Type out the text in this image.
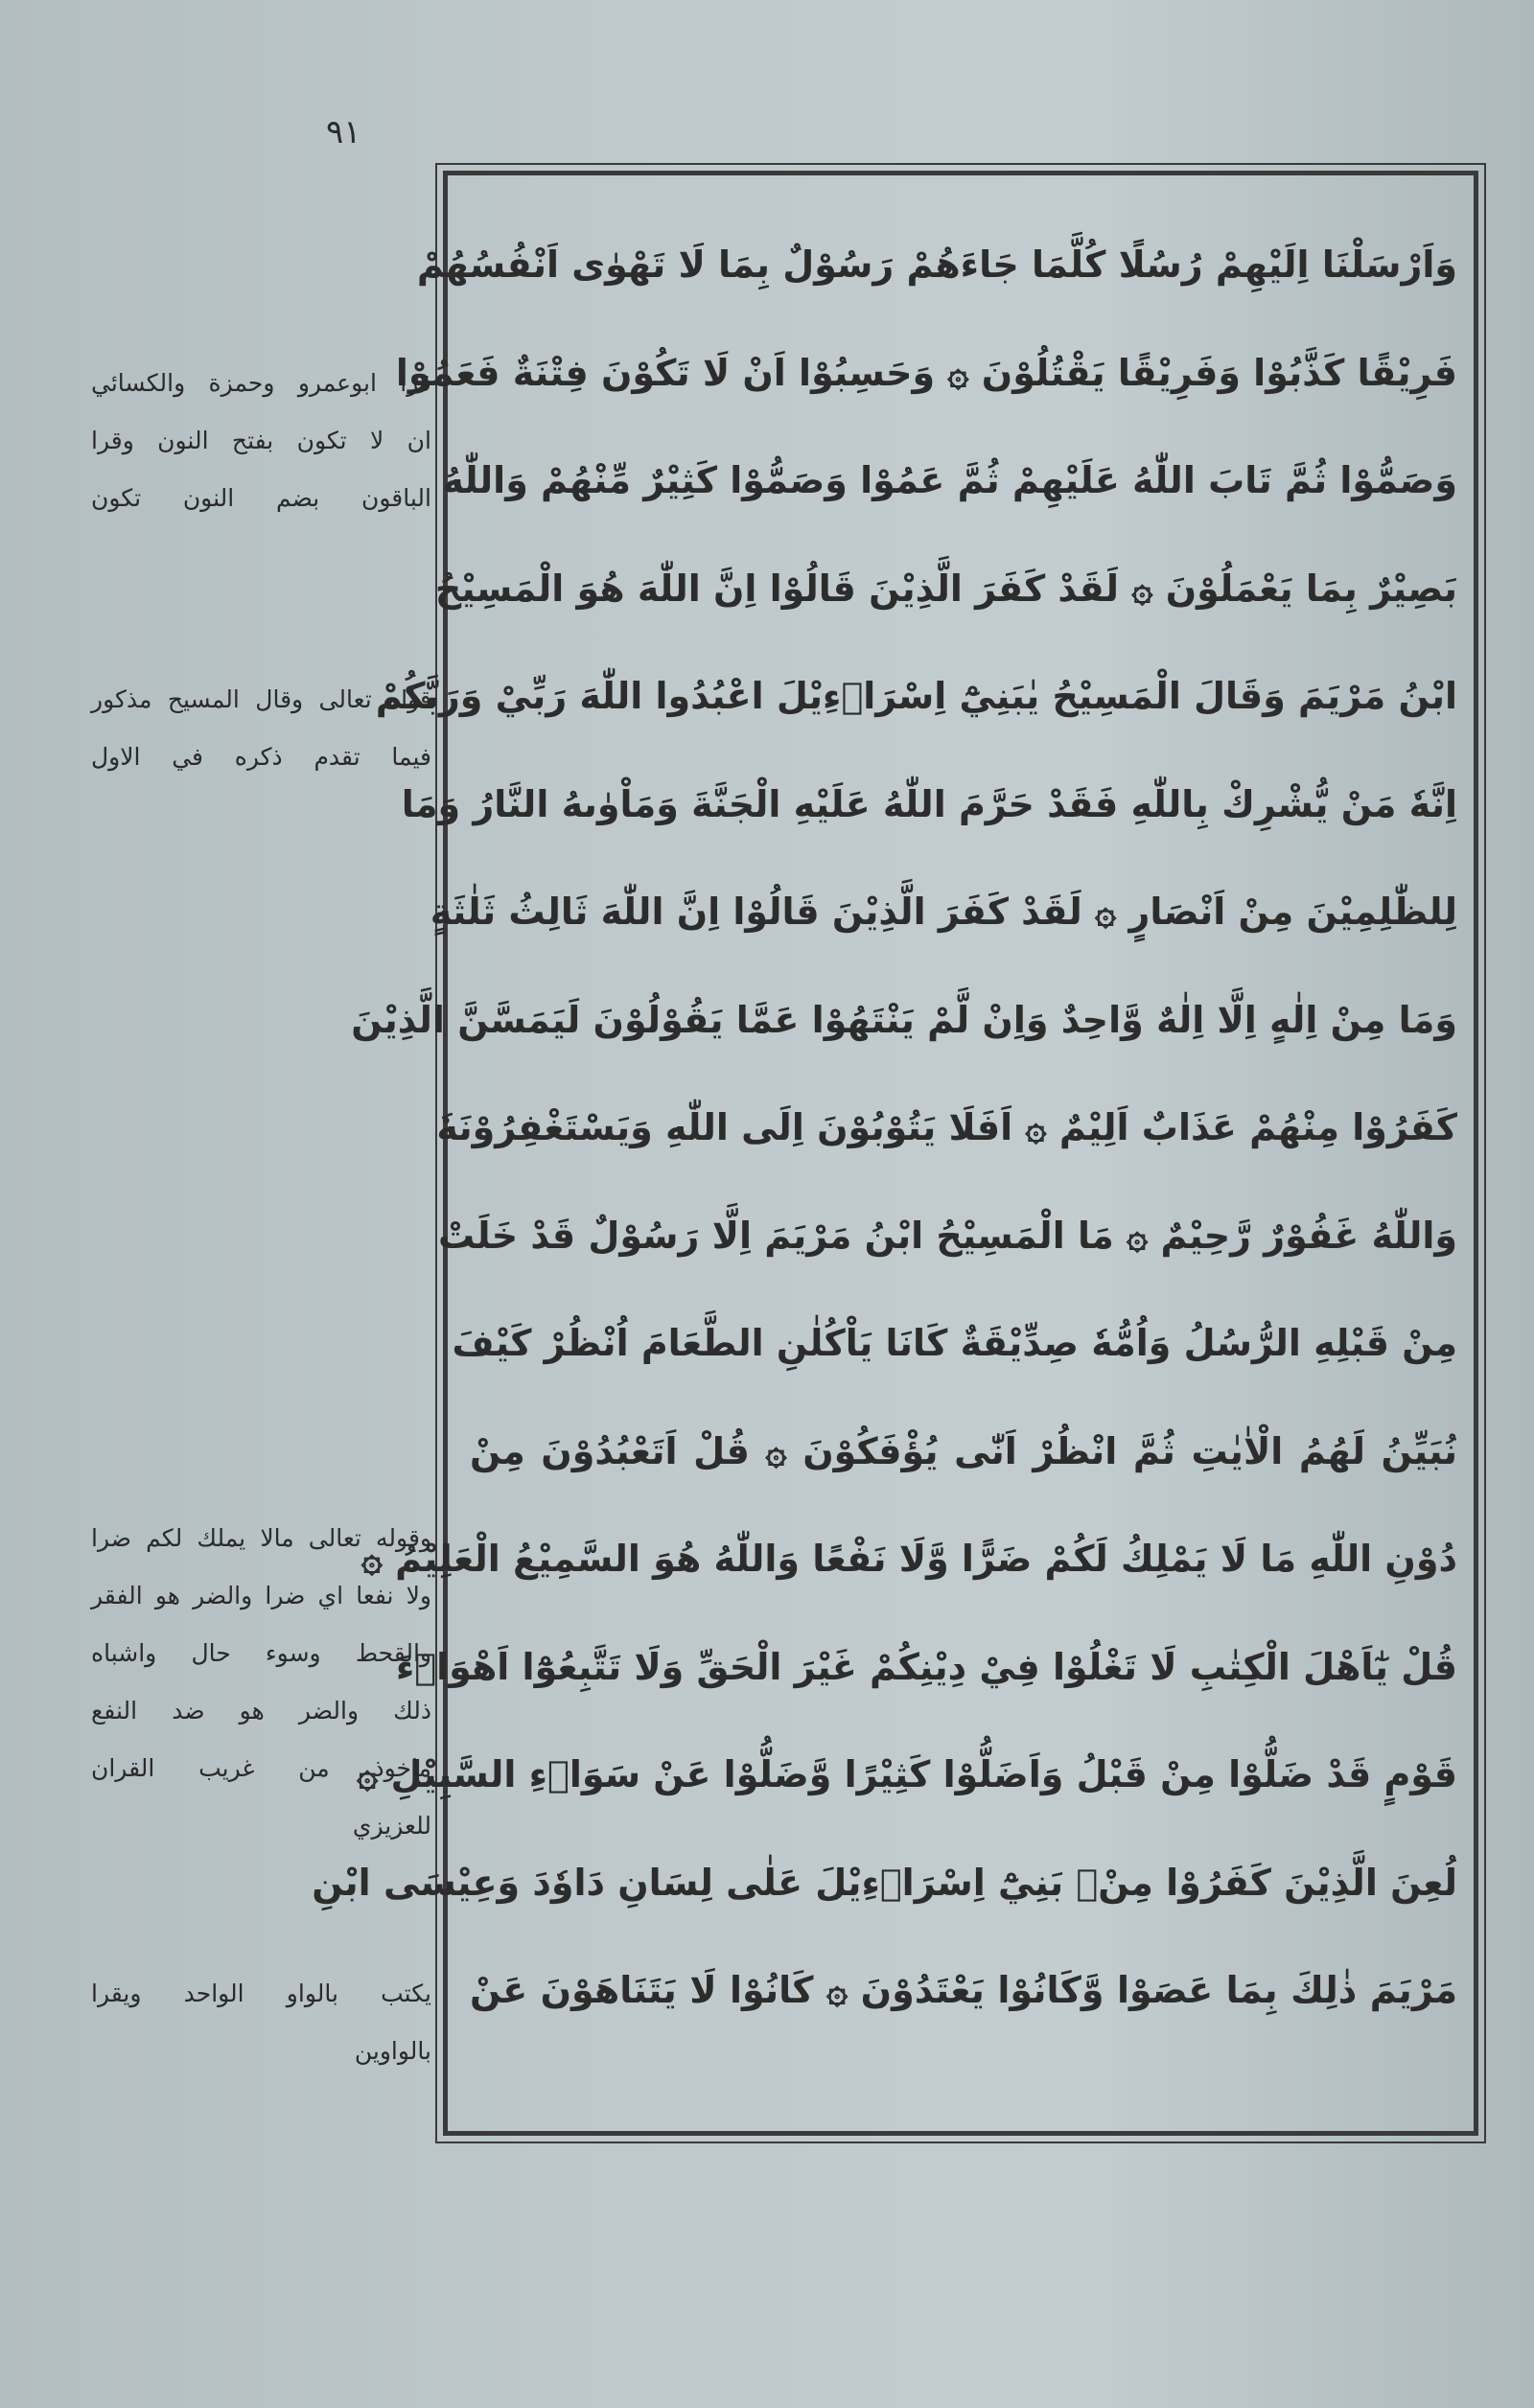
٩١
وَاَرْسَلْنَا اِلَيْهِمْ رُسُلًا كُلَّمَا جَاءَهُمْ رَسُوْلٌ بِمَا لَا تَهْوٰى اَنْفُسُهُمْ
فَرِيْقًا كَذَّبُوْا وَفَرِيْقًا يَقْتُلُوْنَ ۞ وَحَسِبُوْا اَنْ لَا تَكُوْنَ فِتْنَةٌ فَعَمُوْا
وَصَمُّوْا ثُمَّ تَابَ اللّٰهُ عَلَيْهِمْ ثُمَّ عَمُوْا وَصَمُّوْا كَثِيْرٌ مِّنْهُمْ وَاللّٰهُ
بَصِيْرٌ بِمَا يَعْمَلُوْنَ ۞ لَقَدْ كَفَرَ الَّذِيْنَ قَالُوْا اِنَّ اللّٰهَ هُوَ الْمَسِيْحُ
ابْنُ مَرْيَمَ وَقَالَ الْمَسِيْحُ يٰبَنِيْٓ اِسْرَاۤءِيْلَ اعْبُدُوا اللّٰهَ رَبِّيْ وَرَبَّكُمْ
اِنَّهٗ مَنْ يُّشْرِكْ بِاللّٰهِ فَقَدْ حَرَّمَ اللّٰهُ عَلَيْهِ الْجَنَّةَ وَمَاْوٰىهُ النَّارُ وَمَا
لِلظّٰلِمِيْنَ مِنْ اَنْصَارٍ ۞ لَقَدْ كَفَرَ الَّذِيْنَ قَالُوْا اِنَّ اللّٰهَ ثَالِثُ ثَلٰثَةٍ
وَمَا مِنْ اِلٰهٍ اِلَّا اِلٰهٌ وَّاحِدٌ وَاِنْ لَّمْ يَنْتَهُوْا عَمَّا يَقُوْلُوْنَ لَيَمَسَّنَّ الَّذِيْنَ
كَفَرُوْا مِنْهُمْ عَذَابٌ اَلِيْمٌ ۞ اَفَلَا يَتُوْبُوْنَ اِلَى اللّٰهِ وَيَسْتَغْفِرُوْنَهٗ
وَاللّٰهُ غَفُوْرٌ رَّحِيْمٌ ۞ مَا الْمَسِيْحُ ابْنُ مَرْيَمَ اِلَّا رَسُوْلٌ قَدْ خَلَتْ
مِنْ قَبْلِهِ الرُّسُلُ وَاُمُّهٗ صِدِّيْقَةٌ كَانَا يَاْكُلٰنِ الطَّعَامَ اُنْظُرْ كَيْفَ
نُبَيِّنُ لَهُمُ الْاٰيٰتِ ثُمَّ انْظُرْ اَنّٰى يُؤْفَكُوْنَ ۞ قُلْ اَتَعْبُدُوْنَ مِنْ
دُوْنِ اللّٰهِ مَا لَا يَمْلِكُ لَكُمْ ضَرًّا وَّلَا نَفْعًا وَاللّٰهُ هُوَ السَّمِيْعُ الْعَلِيْمُ ۞
قُلْ يٰٓاَهْلَ الْكِتٰبِ لَا تَغْلُوْا فِيْ دِيْنِكُمْ غَيْرَ الْحَقِّ وَلَا تَتَّبِعُوْٓا اَهْوَاۤءَ
قَوْمٍ قَدْ ضَلُّوْا مِنْ قَبْلُ وَاَضَلُّوْا كَثِيْرًا وَّضَلُّوْا عَنْ سَوَاۤءِ السَّبِيْلِ ۞
لُعِنَ الَّذِيْنَ كَفَرُوْا مِنْۢ بَنِيْٓ اِسْرَاۤءِيْلَ عَلٰى لِسَانِ دَاوٗدَ وَعِيْسَى ابْنِ
مَرْيَمَ ذٰلِكَ بِمَا عَصَوْا وَّكَانُوْا يَعْتَدُوْنَ ۞ كَانُوْا لَا يَتَنَاهَوْنَ عَنْ
قرا ابوعمرو وحمزة والكسائي
ان لا تكون بفتح النون وقرا
الباقون بضم النون تكون
قوله تعالى وقال المسيح مذكور
فيما تقدم ذكره في الاول
وقوله تعالى مالا يملك لكم ضرا
ولا نفعا اي ضرا والضر هو الفقر
والقحط وسوء حال واشباه
ذلك والضر هو ضد النفع
ماخوذ من غريب القران
للعزيزي
يكتب بالواو الواحد ويقرا
بالواوين
